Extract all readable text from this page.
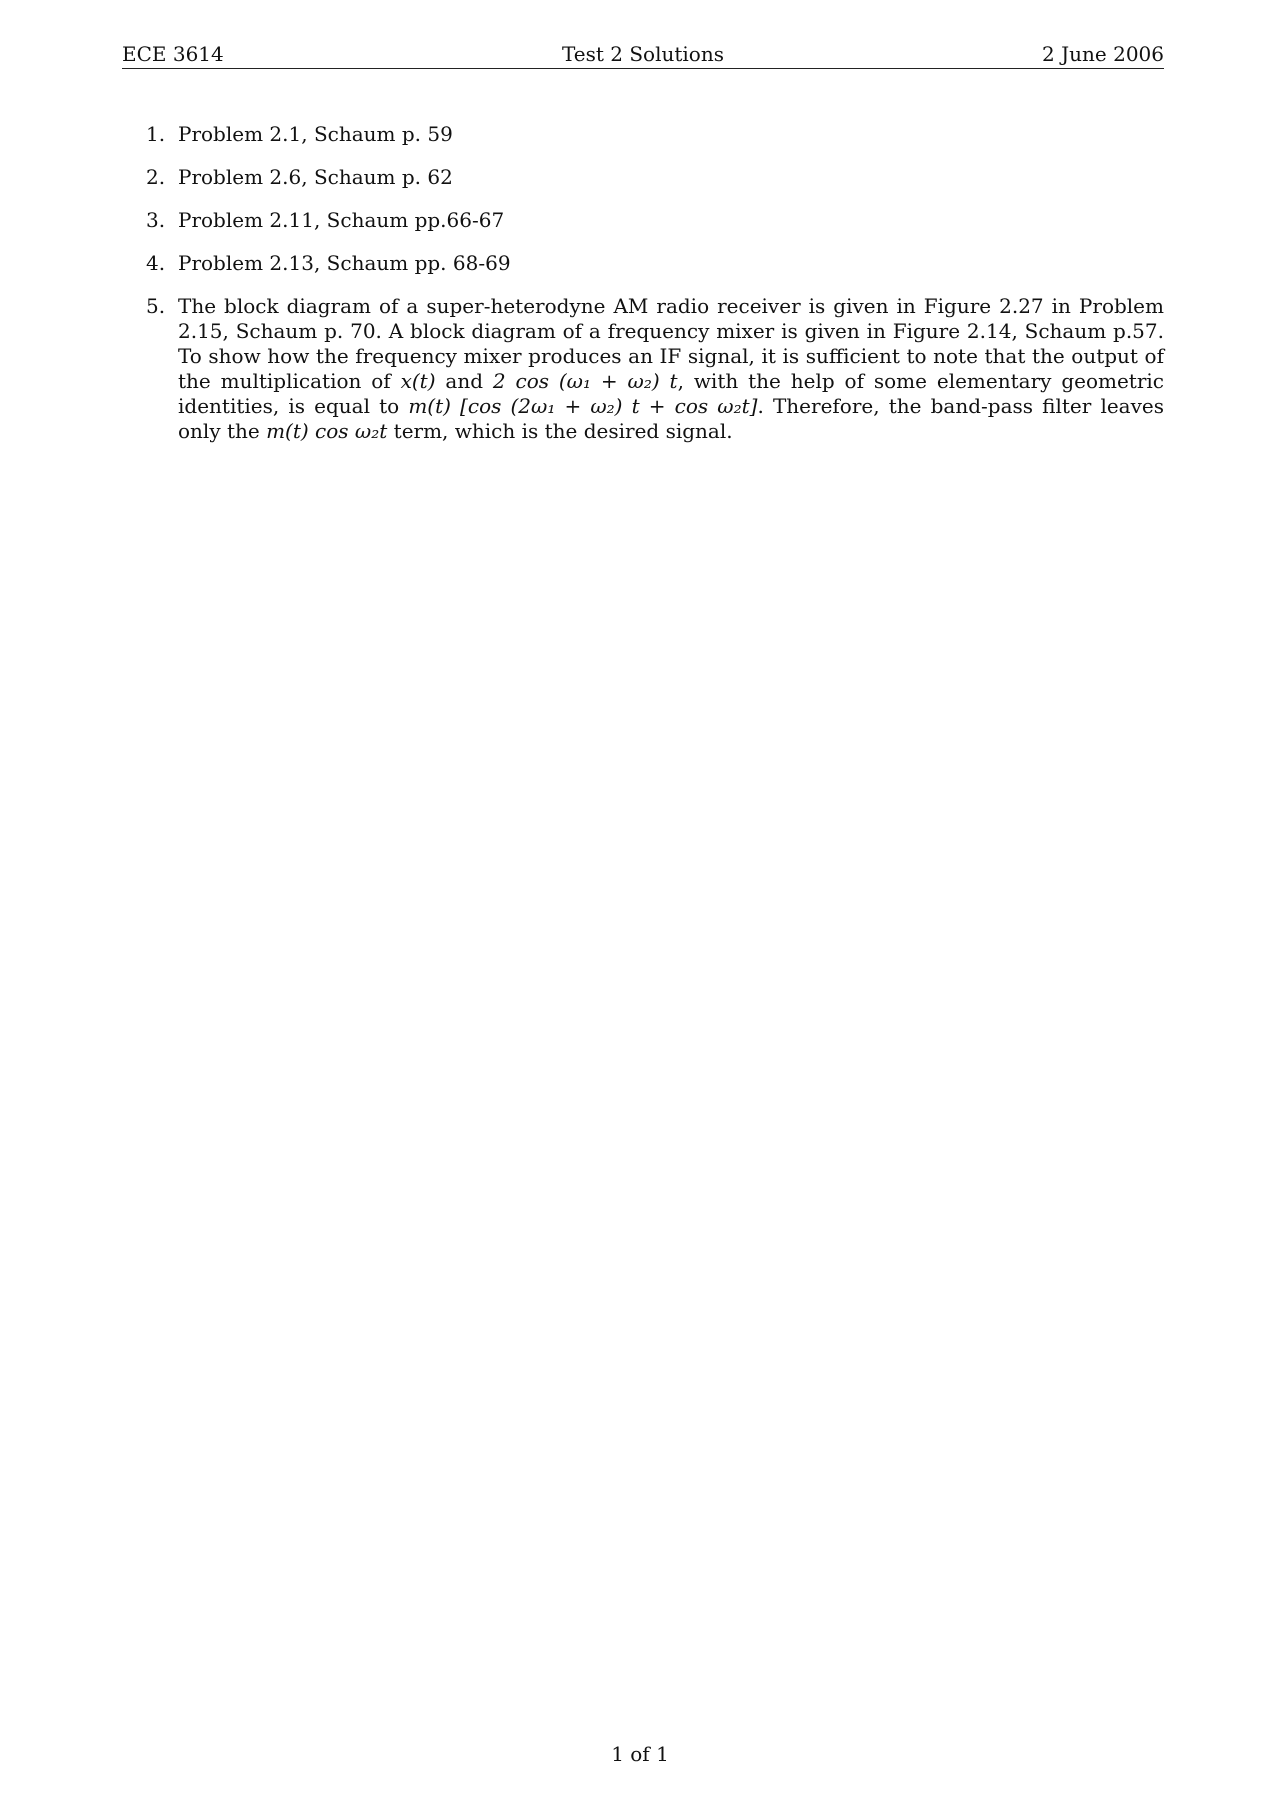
ECE 3614	Test 2 Solutions	2 June 2006
1. Problem 2.1, Schaum p. 59
2. Problem 2.6, Schaum p. 62
3. Problem 2.11, Schaum pp.66-67
4. Problem 2.13, Schaum pp. 68-69
5. The block diagram of a super-heterodyne AM radio receiver is given in Figure 2.27 in Problem 2.15, Schaum p. 70. A block diagram of a frequency mixer is given in Figure 2.14, Schaum p.57. To show how the frequency mixer produces an IF signal, it is sufficient to note that the output of the multiplication of x(t) and 2 cos (ω₁ + ω₂) t, with the help of some elementary geometric identities, is equal to m(t) [cos (2ω₁ + ω₂) t + cos ω₂t]. Therefore, the band-pass filter leaves only the m(t) cos ω₂t term, which is the desired signal.
1 of 1
